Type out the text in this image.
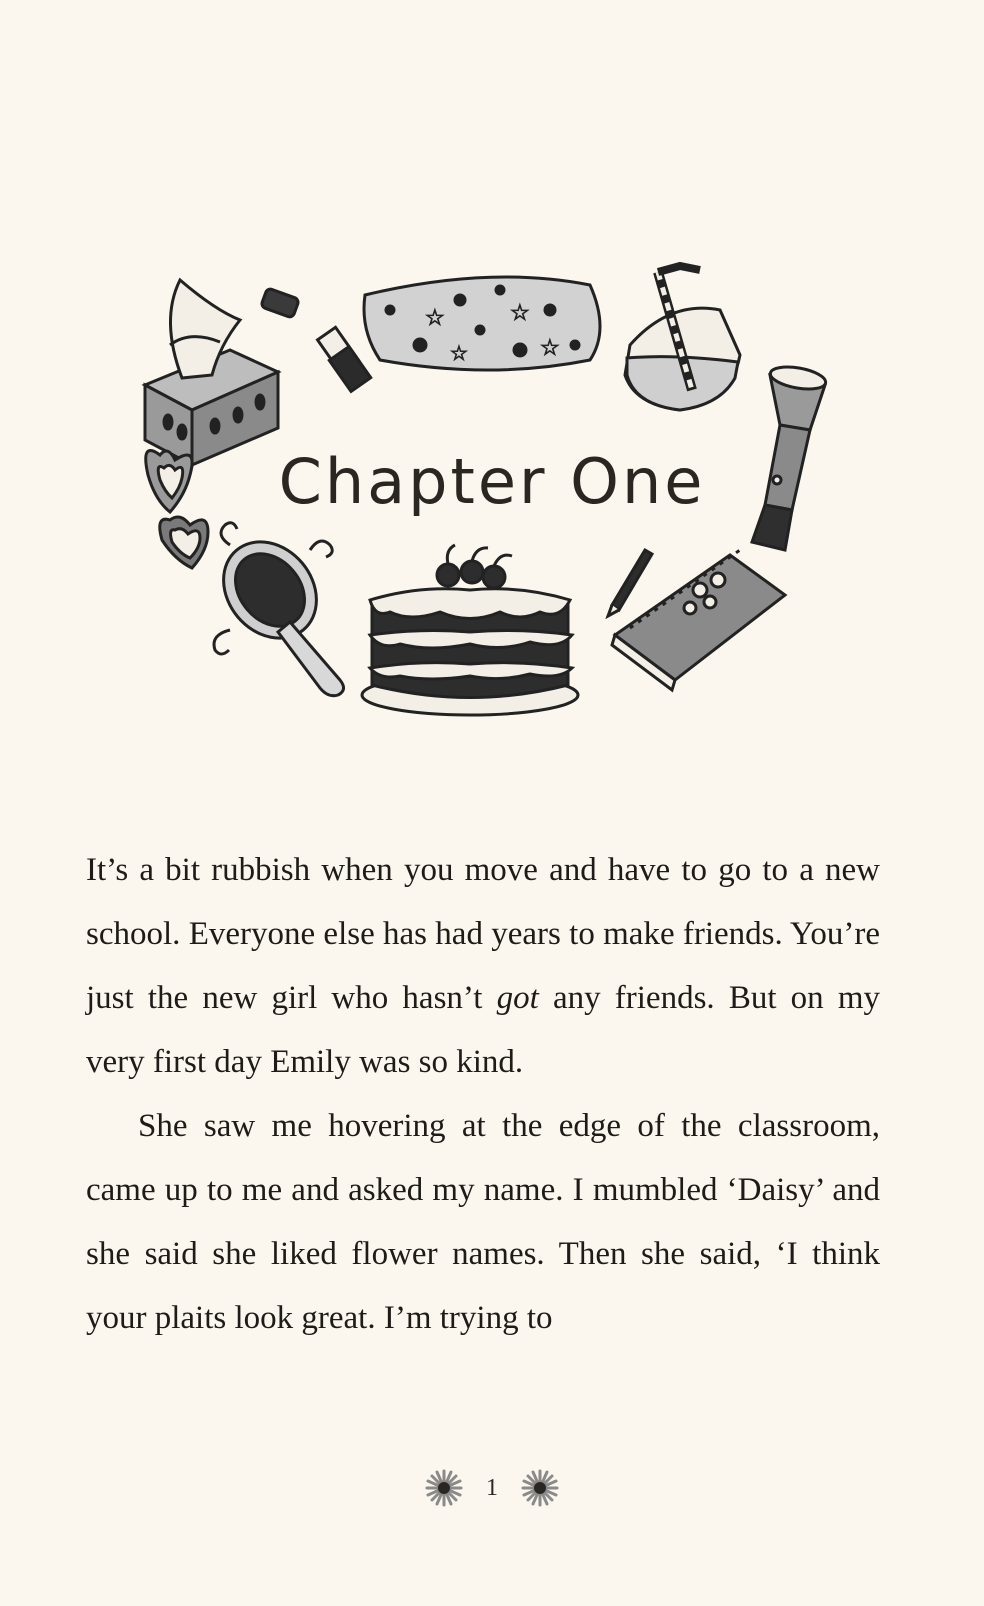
☆	☆
☆	☆
Chapter One

It’s a bit rubbish when you move and have to go to a new school. Everyone else has had years to make friends. You’re just the new girl who hasn’t got any friends. But on my very first day Emily was so kind.

She saw me hovering at the edge of the classroom, came up to me and asked my name. I mumbled ‘Daisy’ and she said she liked flower names. Then she said, ‘I think your plaits look great. I’m trying to

1
